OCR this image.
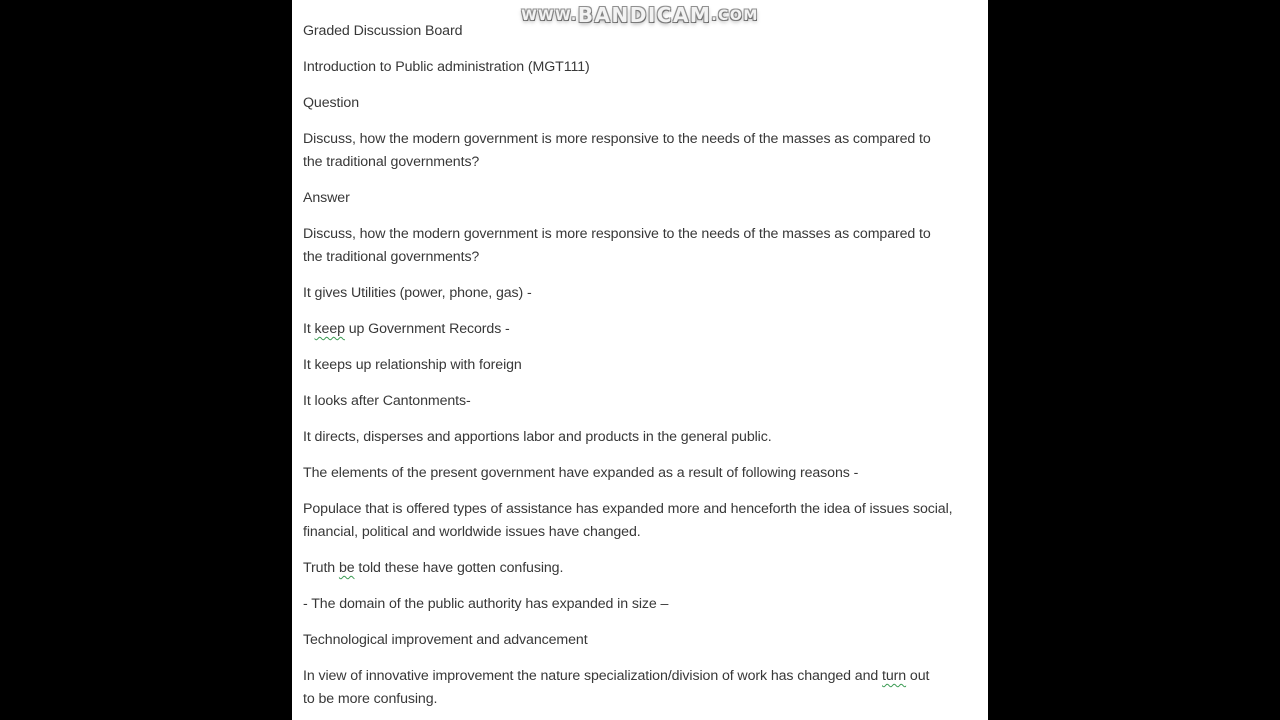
Graded Discussion Board

Introduction to Public administration (MGT111)

Question

Discuss, how the modern government is more responsive to the needs of the masses as compared to
the traditional governments?

Answer

Discuss, how the modern government is more responsive to the needs of the masses as compared to
the traditional governments?

It gives Utilities (power, phone, gas) -

It keep up Government Records -

It keeps up relationship with foreign

It looks after Cantonments-

It directs, disperses and apportions labor and products in the general public.

The elements of the present government have expanded as a result of following reasons -

Populace that is offered types of assistance has expanded more and henceforth the idea of issues social,
financial, political and worldwide issues have changed.

Truth be told these have gotten confusing.

- The domain of the public authority has expanded in size –

Technological improvement and advancement

In view of innovative improvement the nature specialization/division of work has changed and turn out
to be more confusing.

WWW.BANDICAM.COM
